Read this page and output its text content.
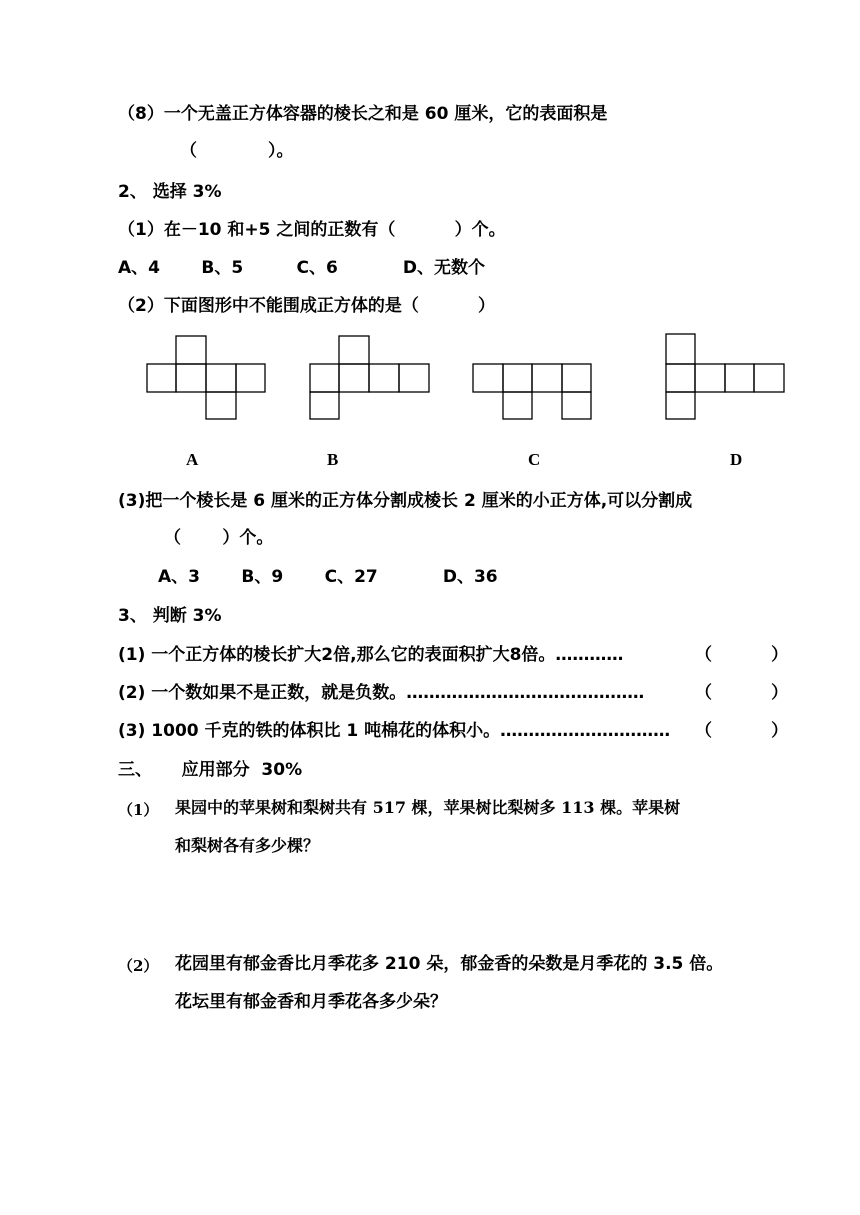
（8）一个无盖正方体容器的棱长之和是 60 厘米，它的表面积是
（            ）。
2、 选择 3%
（1）在－10 和+5 之间的正数有（          ）个。
A、4       B、5         C、6           D、无数个
（2）下面图形中不能围成正方体的是（          ）
A	B	C	D
(3)把一个棱长是 6 厘米的正方体分割成棱长 2 厘米的小正方体,可以分割成
（       ）个。
A、3       B、9       C、27           D、36
3、 判断 3%
(1) 一个正方体的棱长扩大2倍,那么它的表面积扩大8倍。…………	（          ）
(2) 一个数如果不是正数，就是负数。……………………………………	（          ）
(3) 1000 千克的铁的体积比 1 吨棉花的体积小。………………………… （          ）
三、     应用部分  30%
（1） 果园中的苹果树和梨树共有 517 棵，苹果树比梨树多 113 棵。苹果树
和梨树各有多少棵？
（2） 花园里有郁金香比月季花多 210 朵，郁金香的朵数是月季花的 3.5 倍。
花坛里有郁金香和月季花各多少朵？
